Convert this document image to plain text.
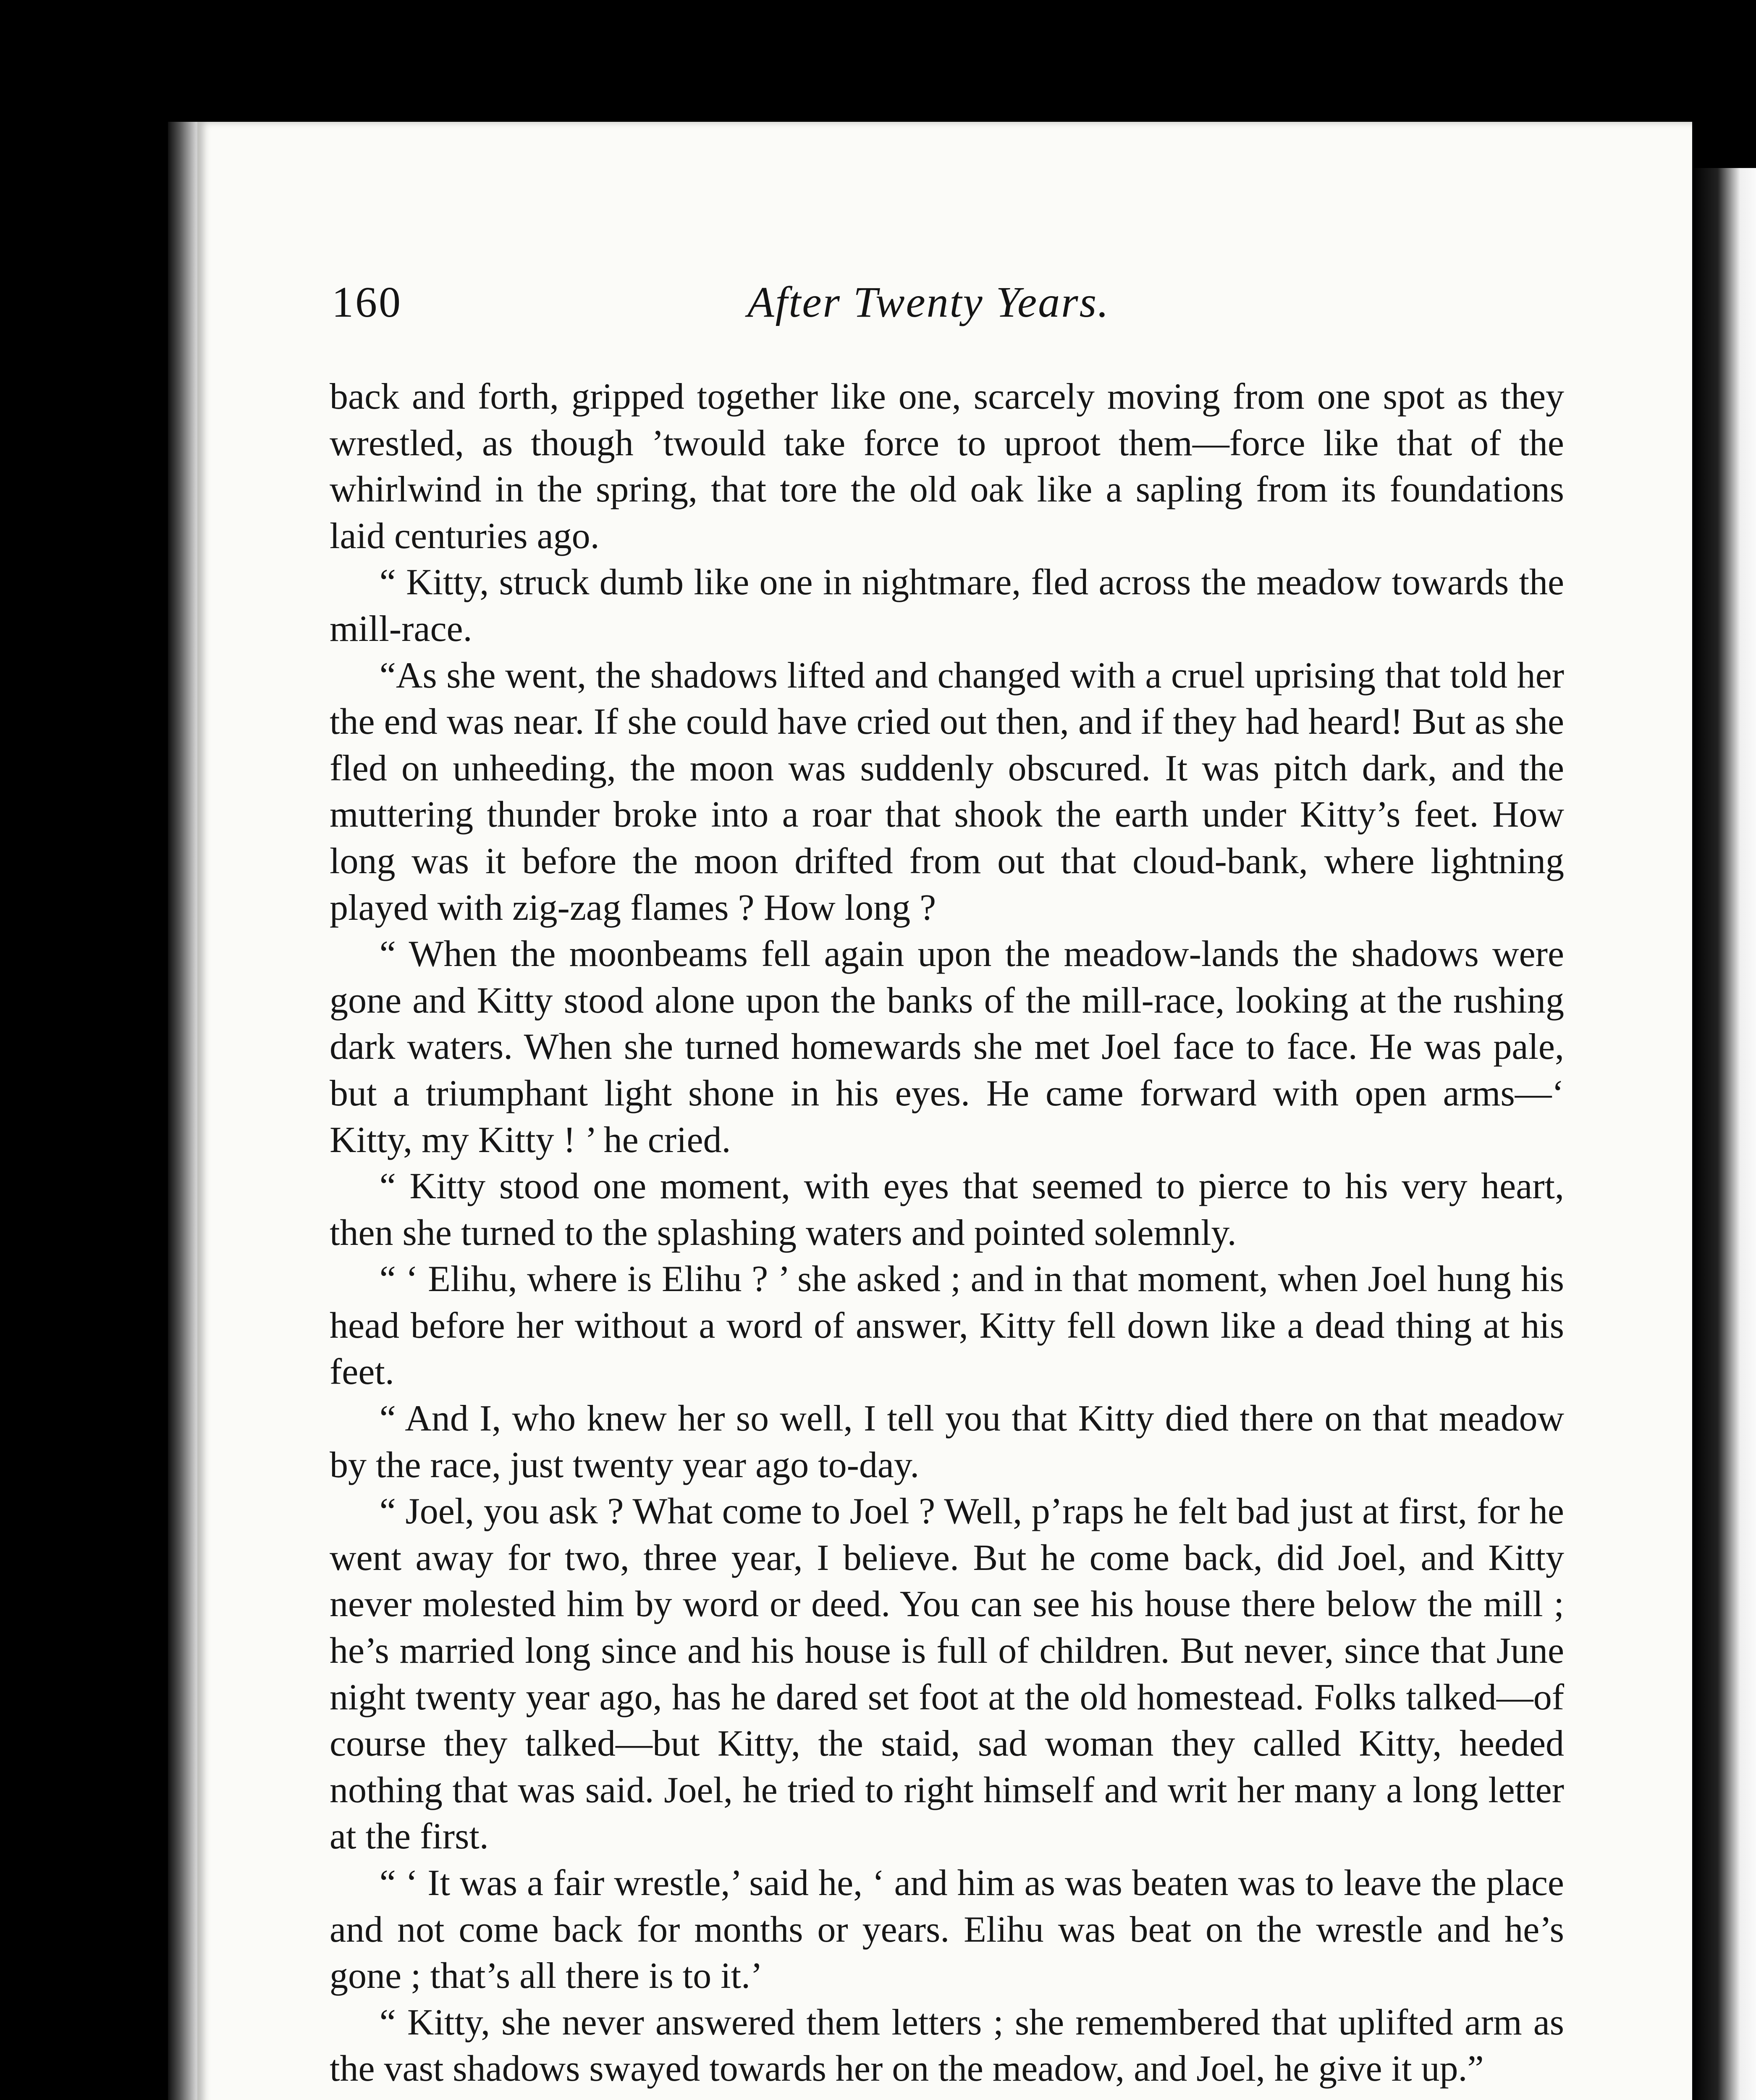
160	After Twenty Years.

back and forth, gripped together like one, scarcely moving from one spot as they wrestled, as though ’twould take force to uproot them—force like that of the whirlwind in the spring, that tore the old oak like a sapling from its foundations laid centuries ago.

“ Kitty, struck dumb like one in nightmare, fled across the meadow towards the mill-race.

“As she went, the shadows lifted and changed with a cruel uprising that told her the end was near. If she could have cried out then, and if they had heard! But as she fled on unheeding, the moon was suddenly obscured. It was pitch dark, and the muttering thunder broke into a roar that shook the earth under Kitty’s feet. How long was it before the moon drifted from out that cloud-bank, where lightning played with zig-zag flames ? How long ?

“ When the moonbeams fell again upon the meadow-lands the shadows were gone and Kitty stood alone upon the banks of the mill-race, looking at the rushing dark waters. When she turned homewards she met Joel face to face. He was pale, but a triumphant light shone in his eyes. He came forward with open arms—‘ Kitty, my Kitty ! ’ he cried.

“ Kitty stood one moment, with eyes that seemed to pierce to his very heart, then she turned to the splashing waters and pointed solemnly.

“ ‘ Elihu, where is Elihu ? ’ she asked ; and in that moment, when Joel hung his head before her without a word of answer, Kitty fell down like a dead thing at his feet.

“ And I, who knew her so well, I tell you that Kitty died there on that meadow by the race, just twenty year ago to-day.

“ Joel, you ask ? What come to Joel ? Well, p’raps he felt bad just at first, for he went away for two, three year, I believe. But he come back, did Joel, and Kitty never molested him by word or deed. You can see his house there below the mill ; he’s married long since and his house is full of children. But never, since that June night twenty year ago, has he dared set foot at the old homestead. Folks talked—of course they talked—but Kitty, the staid, sad woman they called Kitty, heeded nothing that was said. Joel, he tried to right himself and writ her many a long letter at the first.

“ ‘ It was a fair wrestle,’ said he, ‘ and him as was beaten was to leave the place and not come back for months or years. Elihu was beat on the wrestle and he’s gone ; that’s all there is to it.’

“ Kitty, she never answered them letters ; she remembered that uplifted arm as the vast shadows swayed towards her on the meadow, and Joel, he give it up.”
